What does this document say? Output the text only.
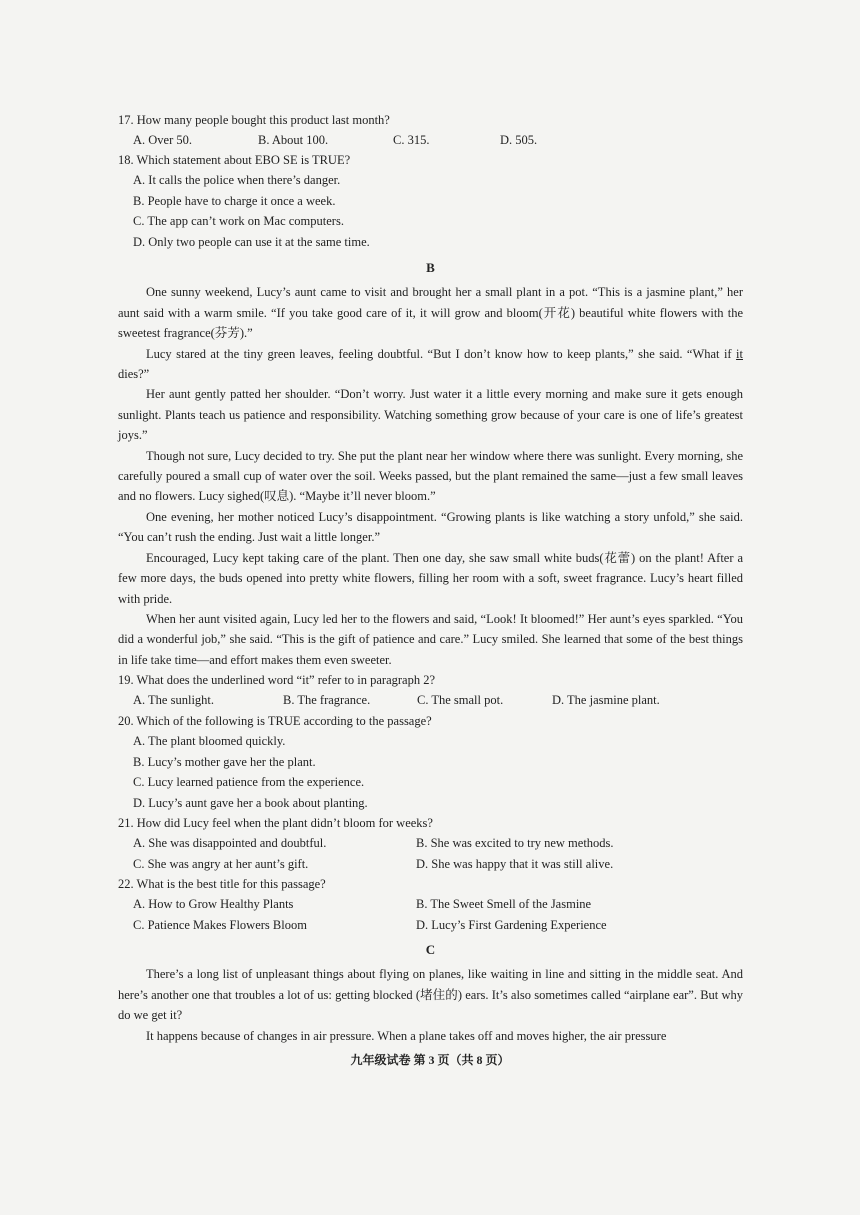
17. How many people bought this product last month?

A. Over 50.	B. About 100.	C. 315.	D. 505.

18. Which statement about EBO SE is TRUE?

A. It calls the police when there’s danger.

B. People have to charge it once a week.

C. The app can’t work on Mac computers.

D. Only two people can use it at the same time.

B

One sunny weekend, Lucy’s aunt came to visit and brought her a small plant in a pot. “This is a jasmine plant,” her aunt said with a warm smile. “If you take good care of it, it will grow and bloom(开花) beautiful white flowers with the sweetest fragrance(芬芳).”

Lucy stared at the tiny green leaves, feeling doubtful. “But I don’t know how to keep plants,” she said. “What if it dies?”

Her aunt gently patted her shoulder. “Don’t worry. Just water it a little every morning and make sure it gets enough sunlight. Plants teach us patience and responsibility. Watching something grow because of your care is one of life’s greatest joys.”

Though not sure, Lucy decided to try. She put the plant near her window where there was sunlight. Every morning, she carefully poured a small cup of water over the soil. Weeks passed, but the plant remained the same—just a few small leaves and no flowers. Lucy sighed(叹息). “Maybe it’ll never bloom.”

One evening, her mother noticed Lucy’s disappointment. “Growing plants is like watching a story unfold,” she said. “You can’t rush the ending. Just wait a little longer.”

Encouraged, Lucy kept taking care of the plant. Then one day, she saw small white buds(花蕾) on the plant! After a few more days, the buds opened into pretty white flowers, filling her room with a soft, sweet fragrance. Lucy’s heart filled with pride.

When her aunt visited again, Lucy led her to the flowers and said, “Look! It bloomed!” Her aunt’s eyes sparkled. “You did a wonderful job,” she said. “This is the gift of patience and care.” Lucy smiled. She learned that some of the best things in life take time—and effort makes them even sweeter.

19. What does the underlined word “it” refer to in paragraph 2?

A. The sunlight.	B. The fragrance.	C. The small pot.	D. The jasmine plant.

20. Which of the following is TRUE according to the passage?

A. The plant bloomed quickly.

B. Lucy’s mother gave her the plant.

C. Lucy learned patience from the experience.

D. Lucy’s aunt gave her a book about planting.

21. How did Lucy feel when the plant didn’t bloom for weeks?

A. She was disappointed and doubtful.	B. She was excited to try new methods.
C. She was angry at her aunt’s gift.	D. She was happy that it was still alive.

22. What is the best title for this passage?

A. How to Grow Healthy Plants	B. The Sweet Smell of the Jasmine
C. Patience Makes Flowers Bloom	D. Lucy’s First Gardening Experience

C

There’s a long list of unpleasant things about flying on planes, like waiting in line and sitting in the middle seat. And here’s another one that troubles a lot of us: getting blocked (堵住的) ears. It’s also sometimes called “airplane ear”. But why do we get it?

It happens because of changes in air pressure. When a plane takes off and moves higher, the air pressure

九年级试卷 第 3 页（共 8 页）
